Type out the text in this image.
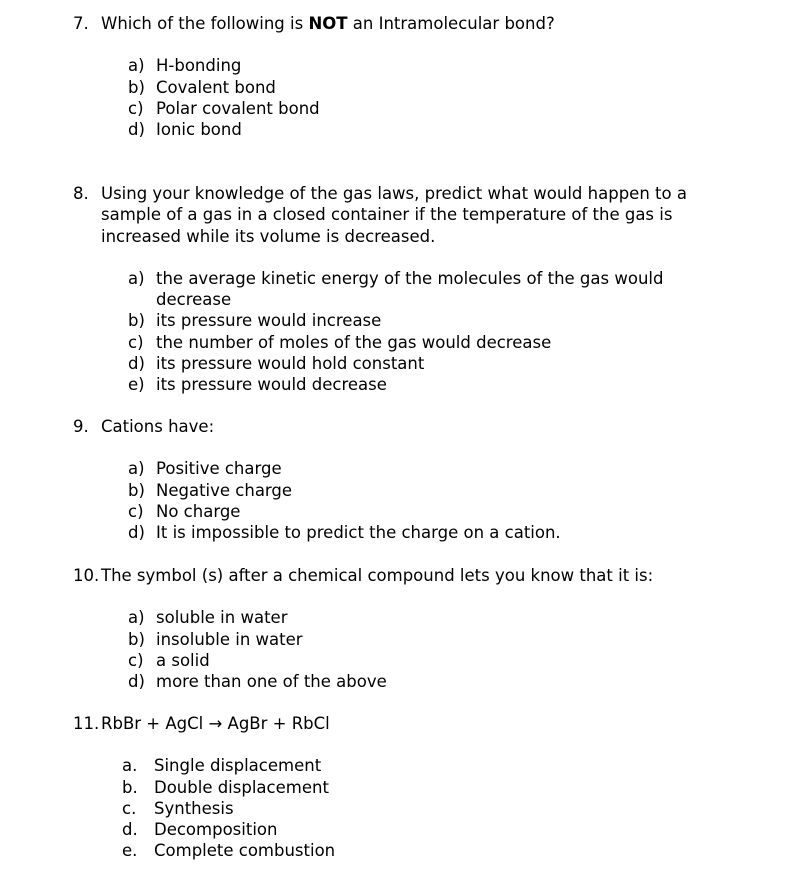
7. Which of the following is NOT an Intramolecular bond?
a) H-bonding
b) Covalent bond
c) Polar covalent bond
d) Ionic bond
8. Using your knowledge of the gas laws, predict what would happen to a sample of a gas in a closed container if the temperature of the gas is increased while its volume is decreased.
a) the average kinetic energy of the molecules of the gas would decrease
b) its pressure would increase
c) the number of moles of the gas would decrease
d) its pressure would hold constant
e) its pressure would decrease
9. Cations have:
a) Positive charge
b) Negative charge
c) No charge
d) It is impossible to predict the charge on a cation.
10. The symbol (s) after a chemical compound lets you know that it is:
a) soluble in water
b) insoluble in water
c) a solid
d) more than one of the above
11. RbBr + AgCl → AgBr + RbCl
a.	Single displacement
b. Double displacement
c.	Synthesis
d. Decomposition
e.	Complete combustion
